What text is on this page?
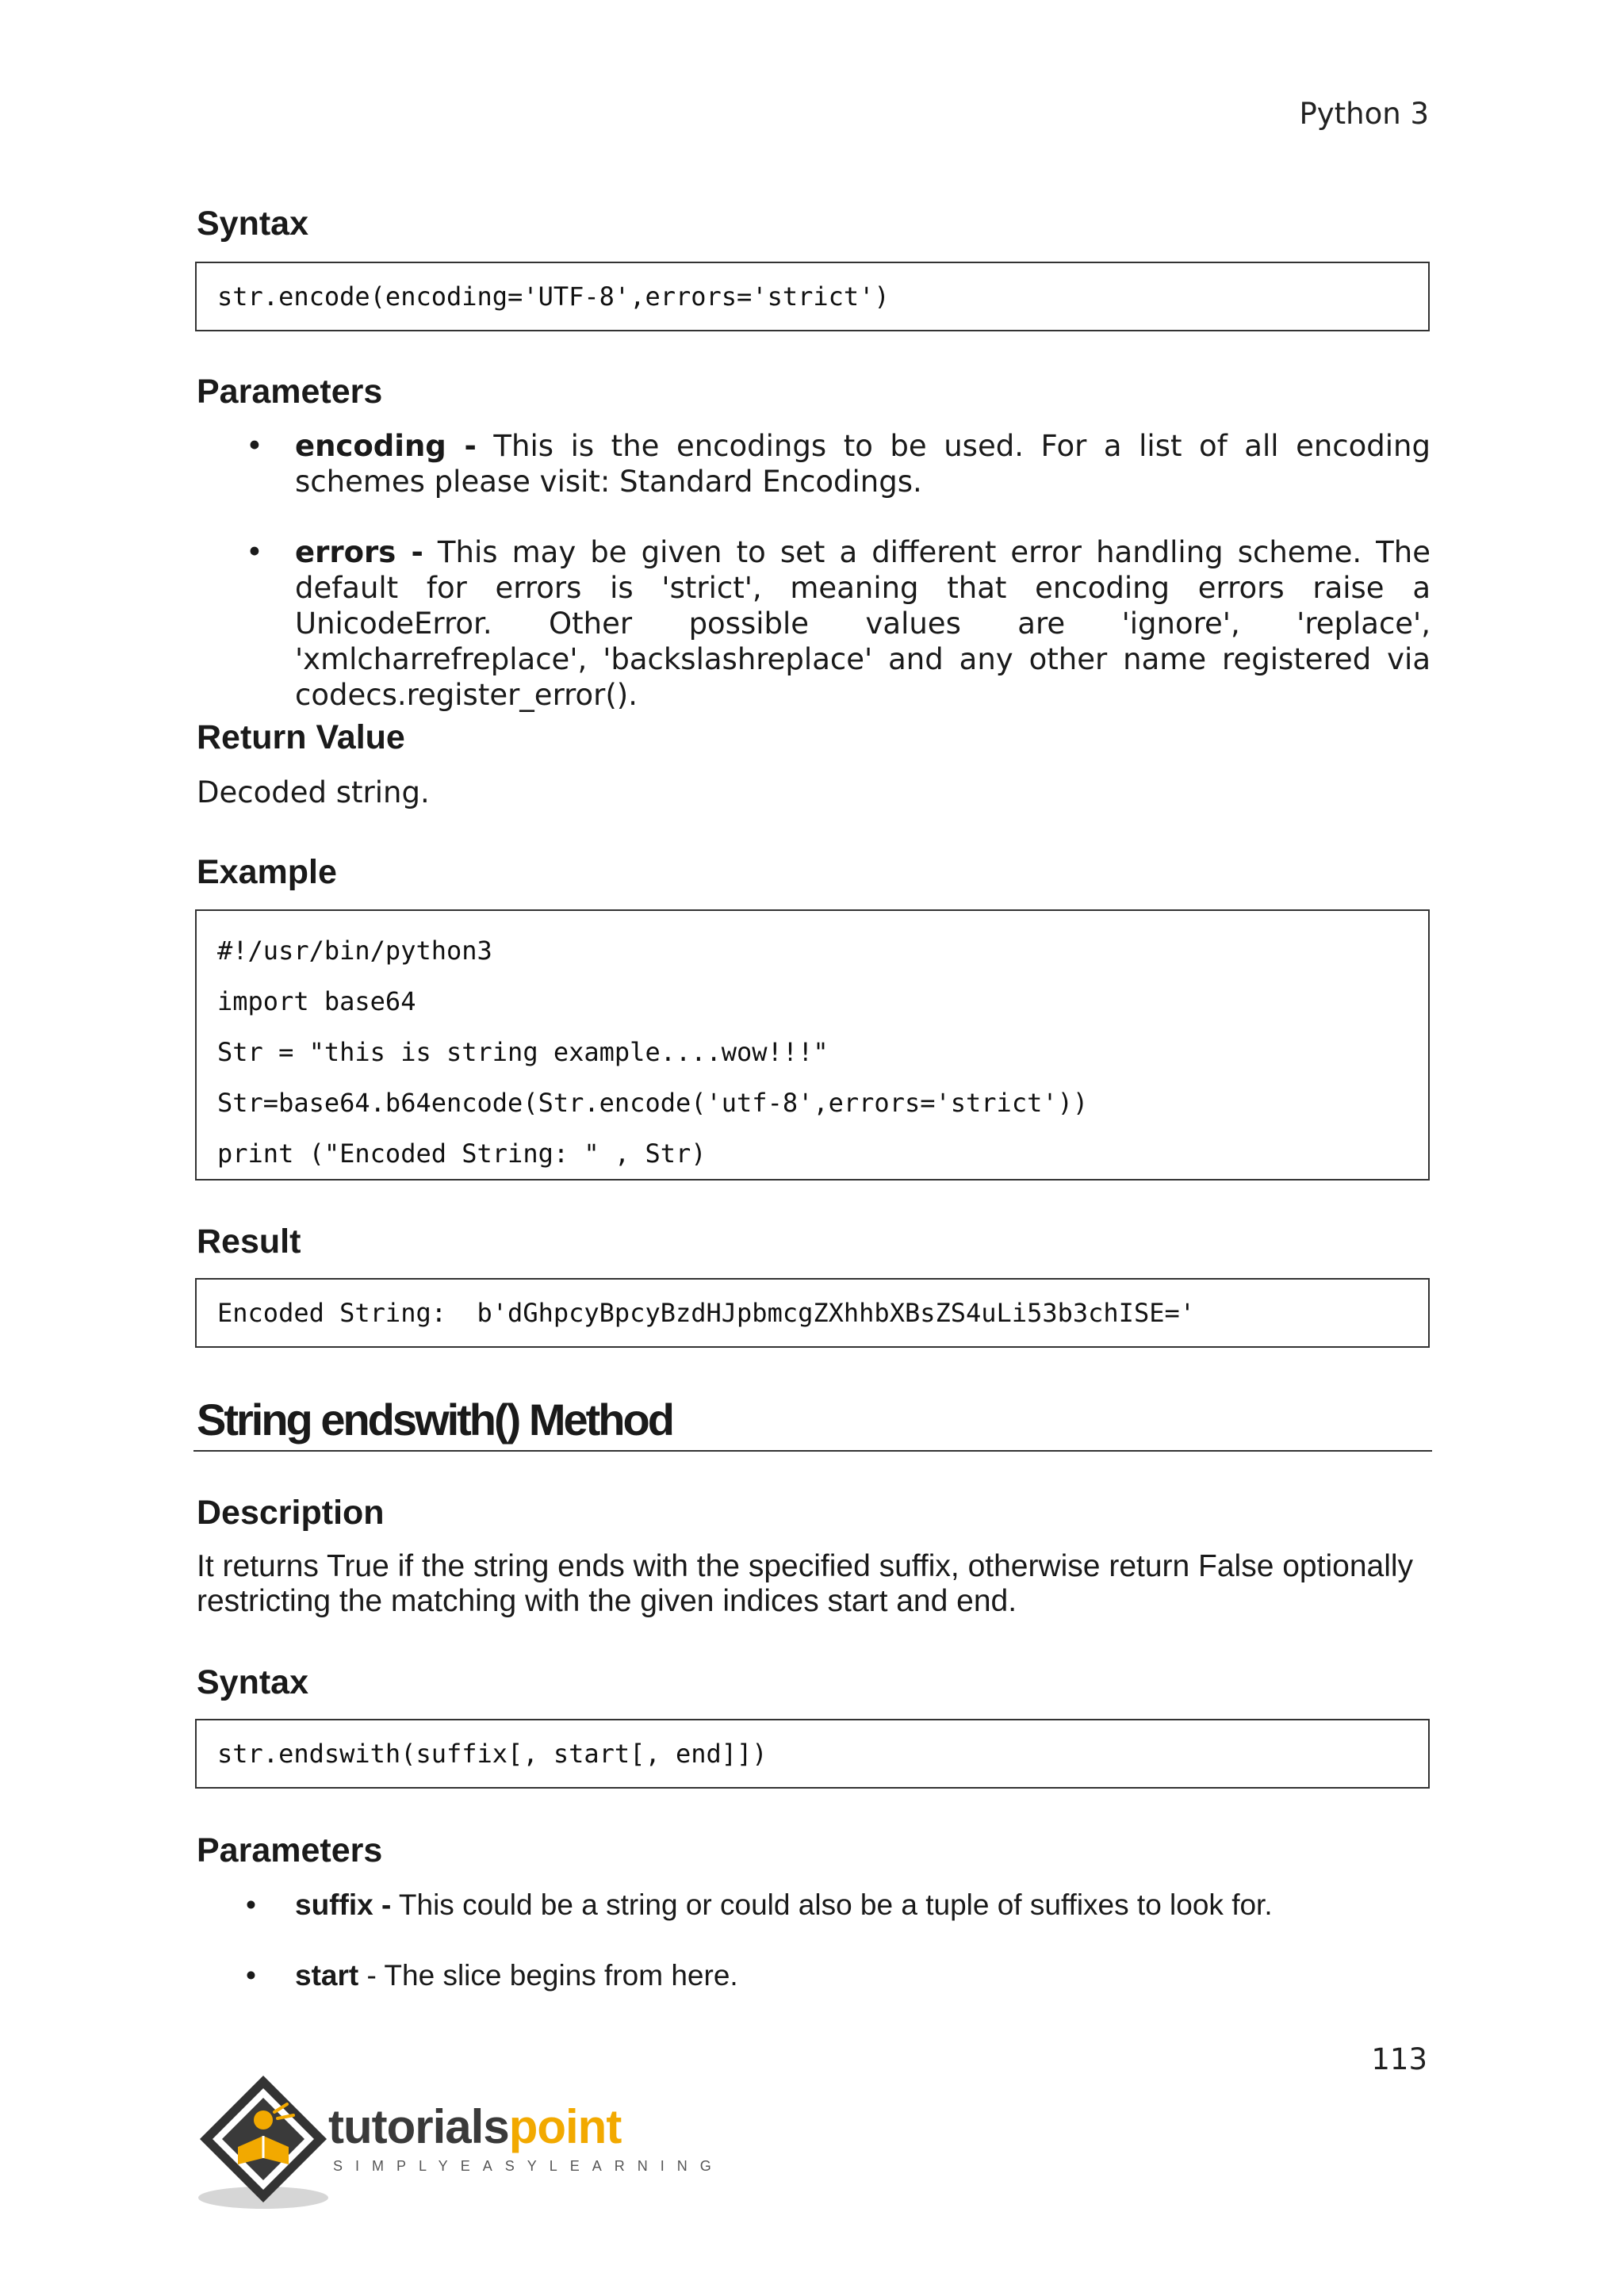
Python 3
Syntax
str.encode(encoding='UTF-8',errors='strict')
Parameters
• encoding - This is the encodings to be used. For a list of all encoding schemes please visit: Standard Encodings.
• errors - This may be given to set a different error handling scheme. The default for errors is 'strict', meaning that encoding errors raise a UnicodeError. Other possible values are 'ignore', 'replace', 'xmlcharrefreplace', 'backslashreplace' and any other name registered via codecs.register_error().
Return Value
Decoded string.
Example
#!/usr/bin/python3
import base64
Str = "this is string example....wow!!!"
Str=base64.b64encode(Str.encode('utf-8',errors='strict'))
print ("Encoded String: " , Str)
Result
Encoded String:  b'dGhpcyBpcyBzdHJpbmcgZXhhbXBsZS4uLi53b3chISE='
String endswith() Method
Description
It returns True if the string ends with the specified suffix, otherwise return False optionally restricting the matching with the given indices start and end.
Syntax
str.endswith(suffix[, start[, end]])
Parameters
• suffix - This could be a string or could also be a tuple of suffixes to look for.
• start - The slice begins from here.
113
tutorialspoint
SIMPLYEASYLEARNING
